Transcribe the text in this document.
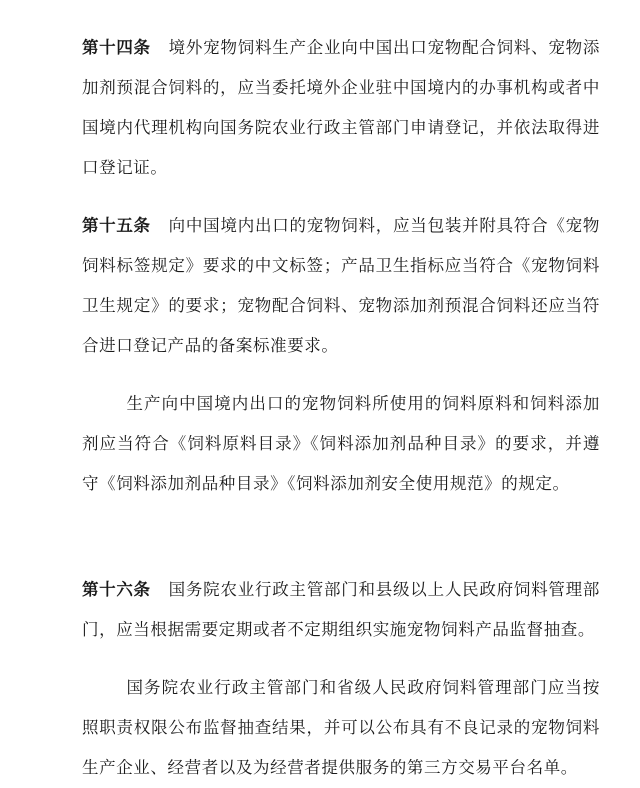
第十四条 境外宠物饲料生产企业向中国出口宠物配合饲料、宠物添加剂预混合饲料的，应当委托境外企业驻中国境内的办事机构或者中国境内代理机构向国务院农业行政主管部门申请登记，并依法取得进口登记证。

第十五条 向中国境内出口的宠物饲料，应当包装并附具符合《宠物饲料标签规定》要求的中文标签；产品卫生指标应当符合《宠物饲料卫生规定》的要求；宠物配合饲料、宠物添加剂预混合饲料还应当符合进口登记产品的备案标准要求。

生产向中国境内出口的宠物饲料所使用的饲料原料和饲料添加剂应当符合《饲料原料目录》《饲料添加剂品种目录》的要求，并遵守《饲料添加剂品种目录》《饲料添加剂安全使用规范》的规定。

第十六条 国务院农业行政主管部门和县级以上人民政府饲料管理部门，应当根据需要定期或者不定期组织实施宠物饲料产品监督抽查。

国务院农业行政主管部门和省级人民政府饲料管理部门应当按照职责权限公布监督抽查结果，并可以公布具有不良记录的宠物饲料生产企业、经营者以及为经营者提供服务的第三方交易平台名单。
